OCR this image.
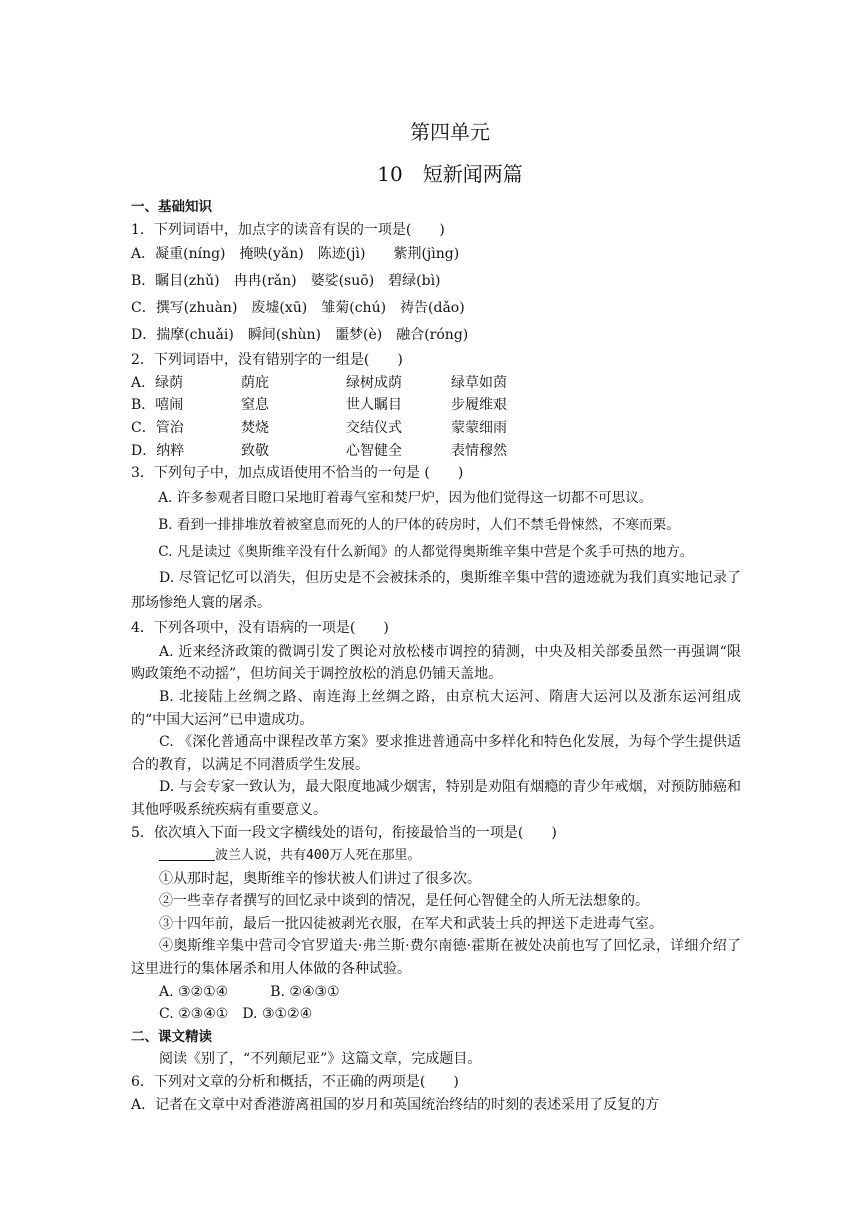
第四单元
10　短新闻两篇

一、基础知识

1．下列词语中，加点字的读音有误的一项是(　　)

A．凝重(níng)　掩映(yǎn)　陈迹(jì)　　紫荆(jìng)

B．瞩目(zhǔ)　冉冉(rǎn)　婆娑(suō)　碧绿(bì)

C．撰写(zhuàn)　废墟(xū)　雏菊(chú)　祷告(dǎo)

D．揣摩(chuǎi)　瞬间(shùn)　噩梦(è)　融合(róng)

2．下列词语中，没有错别字的一组是(　　)

A．绿荫	荫庇	绿树成荫	绿草如茵
B．嘻闹	窒息	世人瞩目	步履维艰
C．管治	焚烧	交结仪式	蒙蒙细雨
D．纳粹	致敬	心智健全	表情穆然

3．下列句子中，加点成语使用不恰当的一句是 (　　)

A. 许多参观者目瞪口呆地盯着毒气室和焚尸炉，因为他们觉得这一切都不可思议。

B. 看到一排排堆放着被窒息而死的人的尸体的砖房时，人们不禁毛骨悚然，不寒而栗。

C. 凡是读过《奥斯维辛没有什么新闻》的人都觉得奥斯维辛集中营是个炙手可热的地方。

D. 尽管记忆可以消失，但历史是不会被抹杀的，奥斯维辛集中营的遗迹就为我们真实地记录了那场惨绝人寰的屠杀。

4．下列各项中，没有语病的一项是(　　)

A. 近来经济政策的微调引发了舆论对放松楼市调控的猜测，中央及相关部委虽然一再强调“限购政策绝不动摇”，但坊间关于调控放松的消息仍铺天盖地。

B. 北接陆上丝绸之路、南连海上丝绸之路，由京杭大运河、隋唐大运河以及浙东运河组成的“中国大运河”已申遗成功。

C. 《深化普通高中课程改革方案》要求推进普通高中多样化和特色化发展，为每个学生提供适合的教育，以满足不同潜质学生发展。

D. 与会专家一致认为，最大限度地减少烟害，特别是劝阻有烟瘾的青少年戒烟，对预防肺癌和其他呼吸系统疾病有重要意义。

5．依次填入下面一段文字横线处的语句，衔接最恰当的一项是(　　)

波兰人说，共有400万人死在那里。

①从那时起，奥斯维辛的惨状被人们讲过了很多次。

②一些幸存者撰写的回忆录中谈到的情况，是任何心智健全的人所无法想象的。

③十四年前，最后一批囚徒被剥光衣服，在军犬和武装士兵的押送下走进毒气室。

④奥斯维辛集中营司令官罗道夫·弗兰斯·费尔南德·霍斯在被处决前也写了回忆录，详细介绍了这里进行的集体屠杀和用人体做的各种试验。

A. ③②①④　　　B. ②④③①

C. ②③④①　D. ③①②④

二、课文精读

阅读《别了，“不列颠尼亚”》这篇文章，完成题目。

6．下列对文章的分析和概括，不正确的两项是(　　)

A．记者在文章中对香港游离祖国的岁月和英国统治终结的时刻的表述采用了反复的方
